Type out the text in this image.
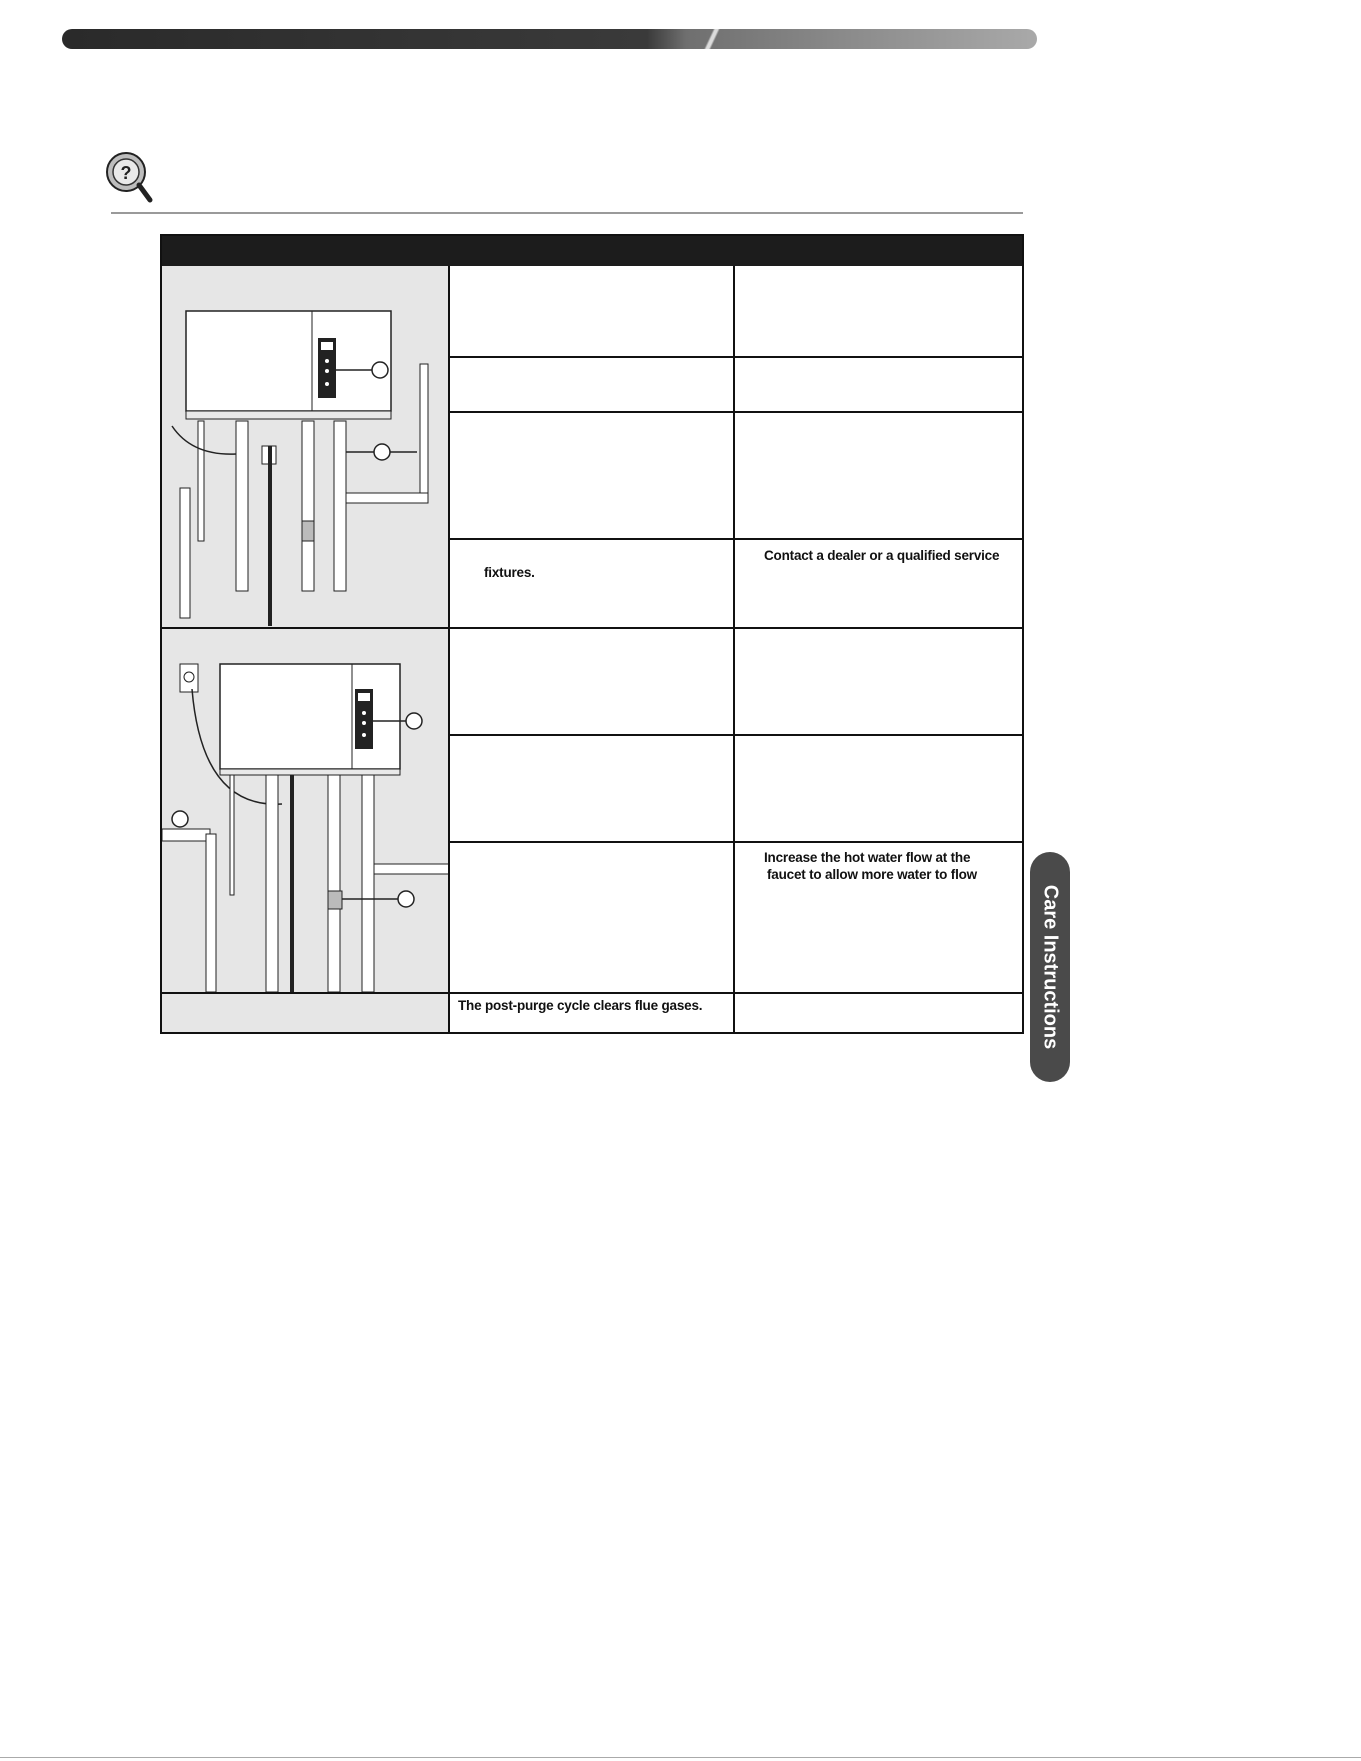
?
fixtures.
Contact a dealer or a qualified service
Increase the hot water flow at the
faucet to allow more water to flow
The post-purge cycle clears flue gases.	Care Instructions
